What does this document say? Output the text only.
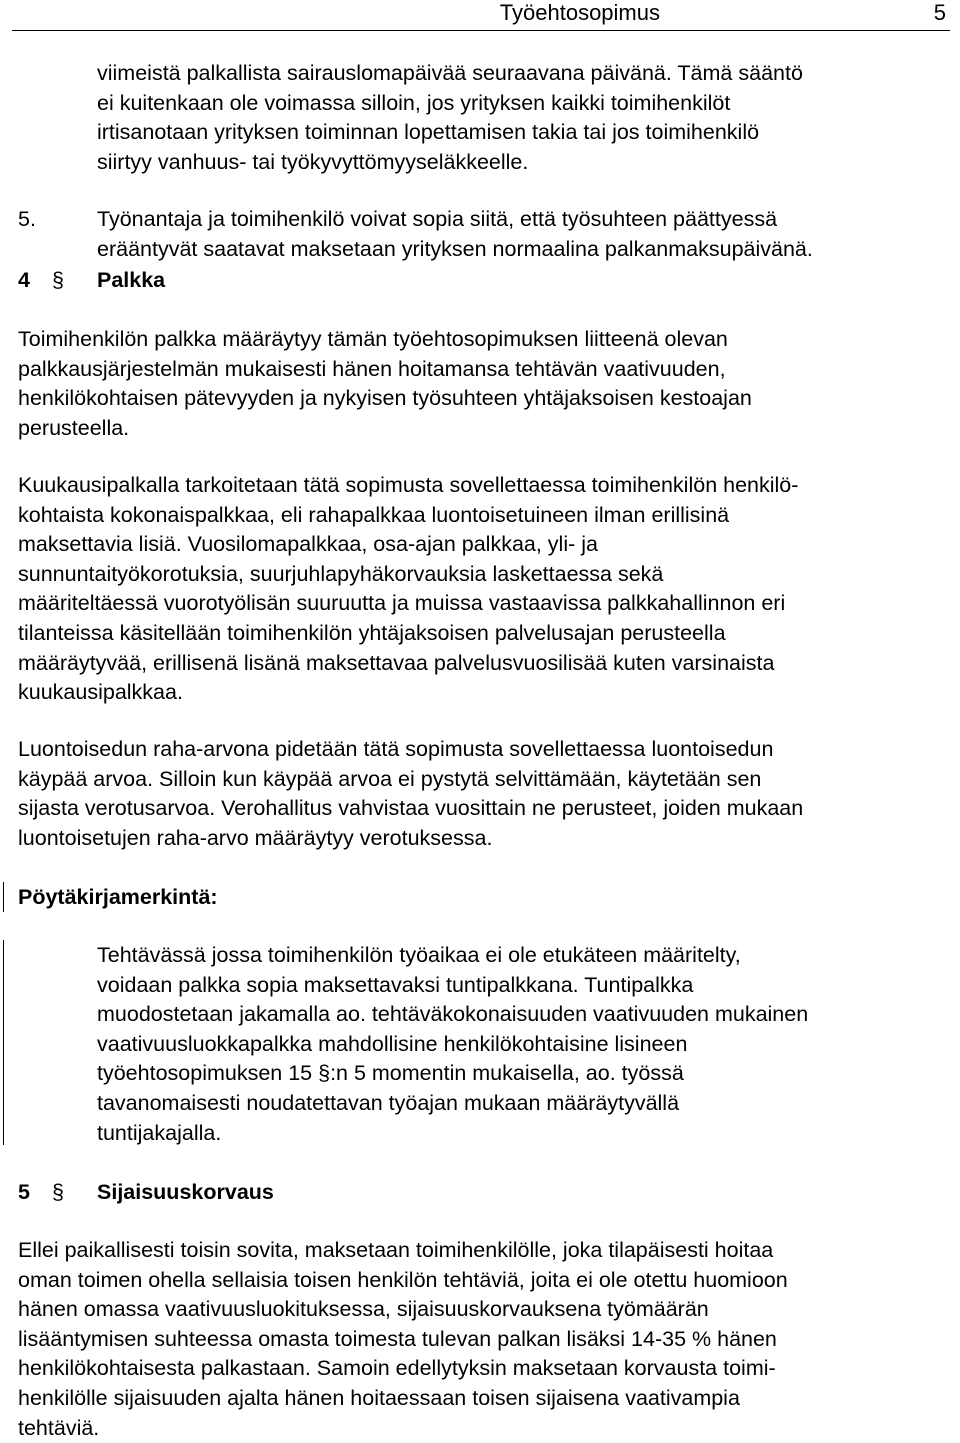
Työehtosopimus	5
viimeistä palkallista sairauslomapäivää seuraavana päivänä. Tämä sääntö
ei kuitenkaan ole voimassa silloin, jos yrityksen kaikki toimihenkilöt
irtisanotaan yrityksen toiminnan lopettamisen takia tai jos toimihenkilö
siirtyy vanhuus- tai työkyvyttömyyseläkkeelle.
5.	Työnantaja ja toimihenkilö voivat sopia siitä, että työsuhteen päättyessä
erääntyvät saatavat maksetaan yrityksen normaalina palkanmaksupäivänä.
4 § Palkka
Toimihenkilön palkka määräytyy tämän työehtosopimuksen liitteenä olevan
palkkausjärjestelmän mukaisesti hänen hoitamansa tehtävän vaativuuden,
henkilökohtaisen pätevyyden ja nykyisen työsuhteen yhtäjaksoisen kestoajan
perusteella.
Kuukausipalkalla tarkoitetaan tätä sopimusta sovellettaessa toimihenkilön henkilö-
kohtaista kokonaispalkkaa, eli rahapalkkaa luontoisetuineen ilman erillisinä
maksettavia lisiä. Vuosilomapalkkaa, osa-ajan palkkaa, yli- ja
sunnuntaityökorotuksia, suurjuhlapyhäkorvauksia laskettaessa sekä
määriteltäessä vuorotyölisän suuruutta ja muissa vastaavissa palkkahallinnon eri
tilanteissa käsitellään toimihenkilön yhtäjaksoisen palvelusajan perusteella
määräytyvää, erillisenä lisänä maksettavaa palvelusvuosilisää kuten varsinaista
kuukausipalkkaa.
Luontoisedun raha-arvona pidetään tätä sopimusta sovellettaessa luontoisedun
käypää arvoa. Silloin kun käypää arvoa ei pystytä selvittämään, käytetään sen
sijasta verotusarvoa. Verohallitus vahvistaa vuosittain ne perusteet, joiden mukaan
luontoisetujen raha-arvo määräytyy verotuksessa.
Pöytäkirjamerkintä:
Tehtävässä jossa toimihenkilön työaikaa ei ole etukäteen määritelty,
voidaan palkka sopia maksettavaksi tuntipalkkana. Tuntipalkka
muodostetaan jakamalla ao. tehtäväkokonaisuuden vaativuuden mukainen
vaativuusluokkapalkka mahdollisine henkilökohtaisine lisineen
työehtosopimuksen 15 §:n 5 momentin mukaisella, ao. työssä
tavanomaisesti noudatettavan työajan mukaan määräytyvällä
tuntijakajalla.
5 § Sijaisuuskorvaus
Ellei paikallisesti toisin sovita, maksetaan toimihenkilölle, joka tilapäisesti hoitaa
oman toimen ohella sellaisia toisen henkilön tehtäviä, joita ei ole otettu huomioon
hänen omassa vaativuusluokituksessa, sijaisuuskorvauksena työmäärän
lisääntymisen suhteessa omasta toimesta tulevan palkan lisäksi 14-35 % hänen
henkilökohtaisesta palkastaan. Samoin edellytyksin maksetaan korvausta toimi-
henkilölle sijaisuuden ajalta hänen hoitaessaan toisen sijaisena vaativampia
tehtäviä.
